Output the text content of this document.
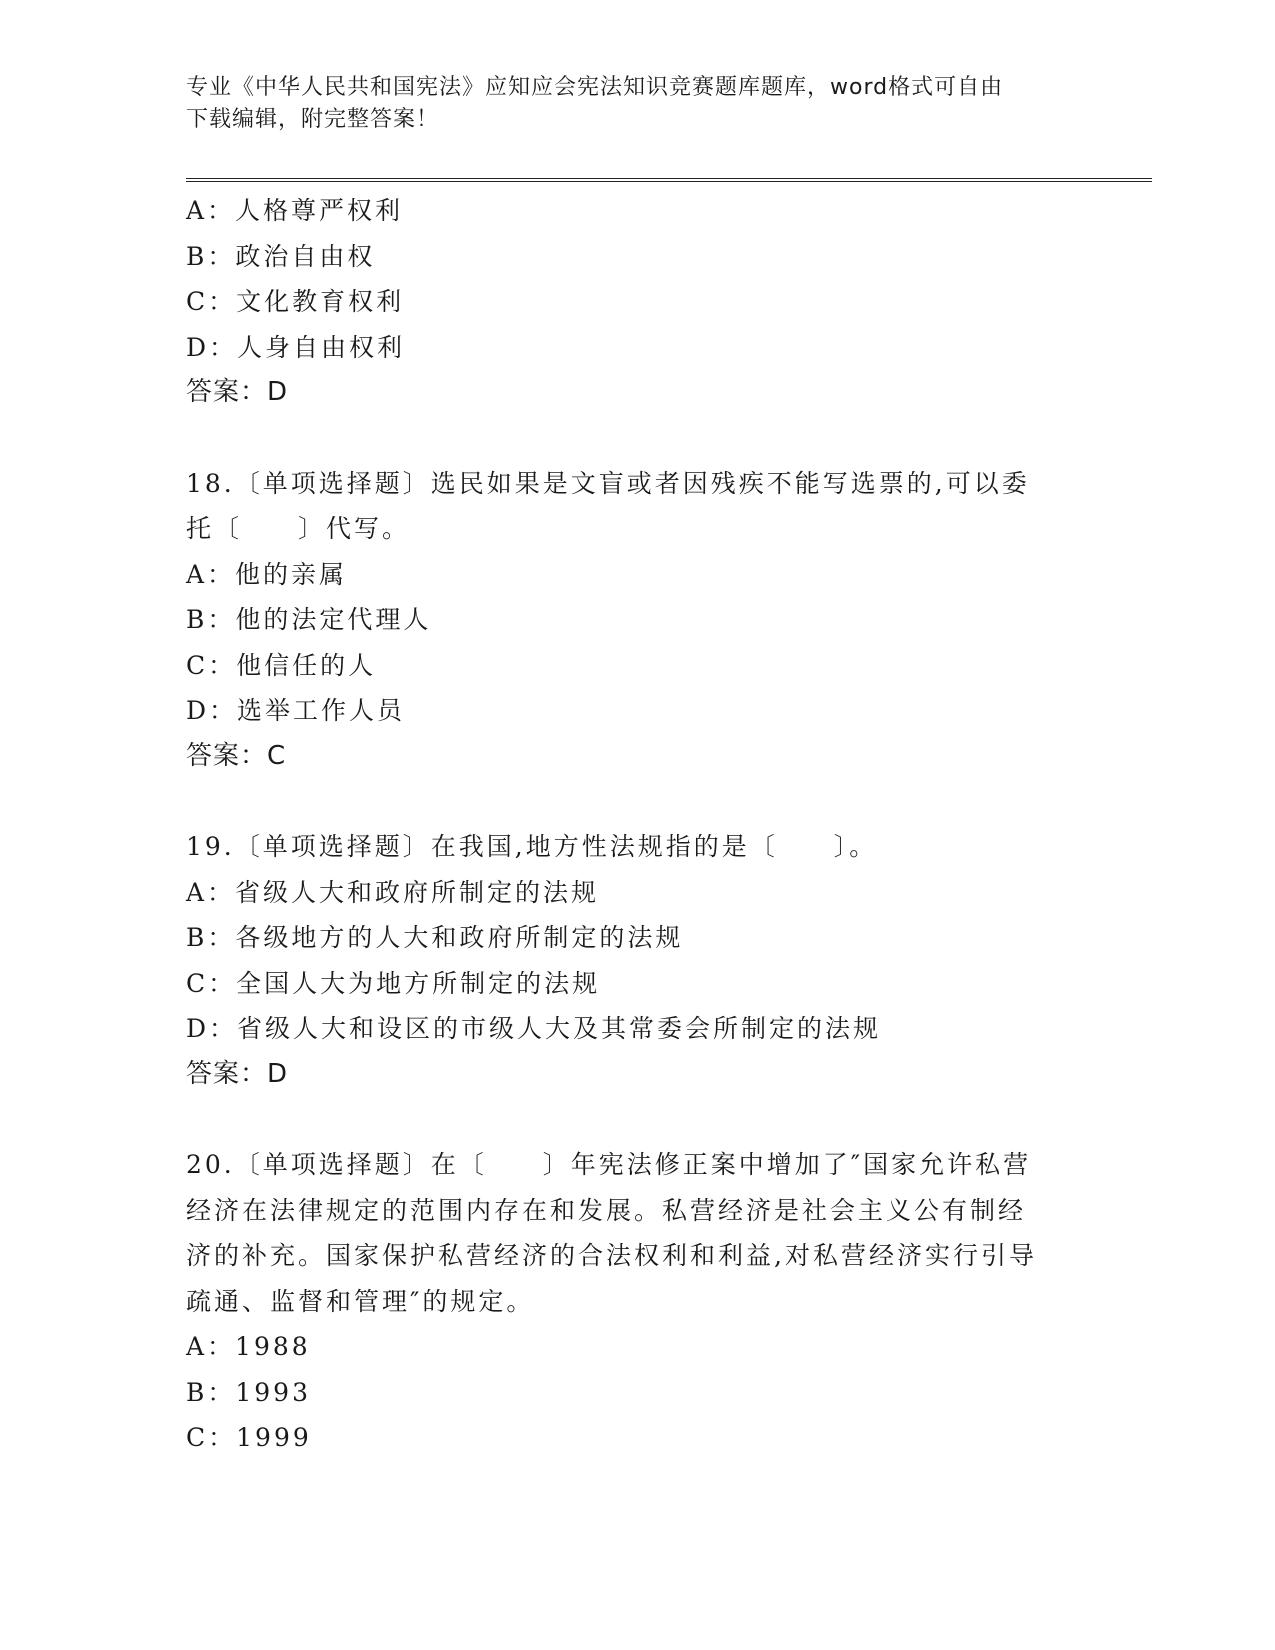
专业《中华人民共和国宪法》应知应会宪法知识竞赛题库题库，word格式可自由
下载编辑，附完整答案！
A：人格尊严权利
B：政治自由权
C：文化教育权利
D：人身自由权利
答案：D
18.〔单项选择题〕选民如果是文盲或者因残疾不能写选票的,可以委
托〔　　〕代写。
A：他的亲属
B：他的法定代理人
C：他信任的人
D：选举工作人员
答案：C
19.〔单项选择题〕在我国,地方性法规指的是〔　　〕。
A：省级人大和政府所制定的法规
B：各级地方的人大和政府所制定的法规
C：全国人大为地方所制定的法规
D：省级人大和设区的市级人大及其常委会所制定的法规
答案：D
20.〔单项选择题〕在〔　　〕年宪法修正案中增加了″国家允许私营
经济在法律规定的范围内存在和发展。私营经济是社会主义公有制经
济的补充。国家保护私营经济的合法权利和利益,对私营经济实行引导
疏通、监督和管理″的规定。
A：1988
B：1993
C：1999
